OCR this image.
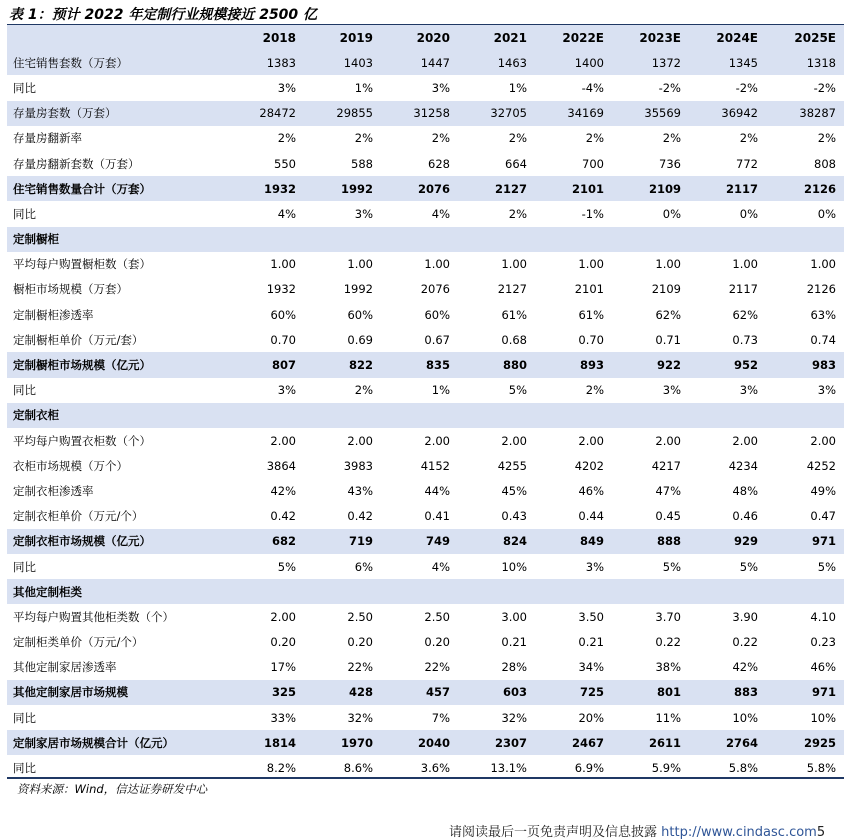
表 1：预计 2022 年定制行业规模接近 2500 亿
	2018	2019	2020	2021	2022E	2023E	2024E	2025E
住宅销售套数（万套）	1383	1403	1447	1463	1400	1372	1345	1318
同比	3%	1%	3%	1%	-4%	-2%	-2%	-2%
存量房套数（万套）	28472	29855	31258	32705	34169	35569	36942	38287
存量房翻新率	2%	2%	2%	2%	2%	2%	2%	2%
存量房翻新套数（万套）	550	588	628	664	700	736	772	808
住宅销售数量合计（万套）	1932	1992	2076	2127	2101	2109	2117	2126
同比	4%	3%	4%	2%	-1%	0%	0%	0%
定制橱柜								
平均每户购置橱柜数（套）	1.00	1.00	1.00	1.00	1.00	1.00	1.00	1.00
橱柜市场规模（万套）	1932	1992	2076	2127	2101	2109	2117	2126
定制橱柜渗透率	60%	60%	60%	61%	61%	62%	62%	63%
定制橱柜单价（万元/套）	0.70	0.69	0.67	0.68	0.70	0.71	0.73	0.74
定制橱柜市场规模（亿元）	807	822	835	880	893	922	952	983
同比	3%	2%	1%	5%	2%	3%	3%	3%
定制衣柜								
平均每户购置衣柜数（个）	2.00	2.00	2.00	2.00	2.00	2.00	2.00	2.00
衣柜市场规模（万个）	3864	3983	4152	4255	4202	4217	4234	4252
定制衣柜渗透率	42%	43%	44%	45%	46%	47%	48%	49%
定制衣柜单价（万元/个）	0.42	0.42	0.41	0.43	0.44	0.45	0.46	0.47
定制衣柜市场规模（亿元）	682	719	749	824	849	888	929	971
同比	5%	6%	4%	10%	3%	5%	5%	5%
其他定制柜类								
平均每户购置其他柜类数（个）	2.00	2.50	2.50	3.00	3.50	3.70	3.90	4.10
定制柜类单价（万元/个）	0.20	0.20	0.20	0.21	0.21	0.22	0.22	0.23
其他定制家居渗透率	17%	22%	22%	28%	34%	38%	42%	46%
其他定制家居市场规模	325	428	457	603	725	801	883	971
同比	33%	32%	7%	32%	20%	11%	10%	10%
定制家居市场规模合计（亿元）	1814	1970	2040	2307	2467	2611	2764	2925
同比	8.2%	8.6%	3.6%	13.1%	6.9%	5.9%	5.8%	5.8%
资料来源：Wind，信达证券研发中心
请阅读最后一页免责声明及信息披露 http://www.cindasc.com5
